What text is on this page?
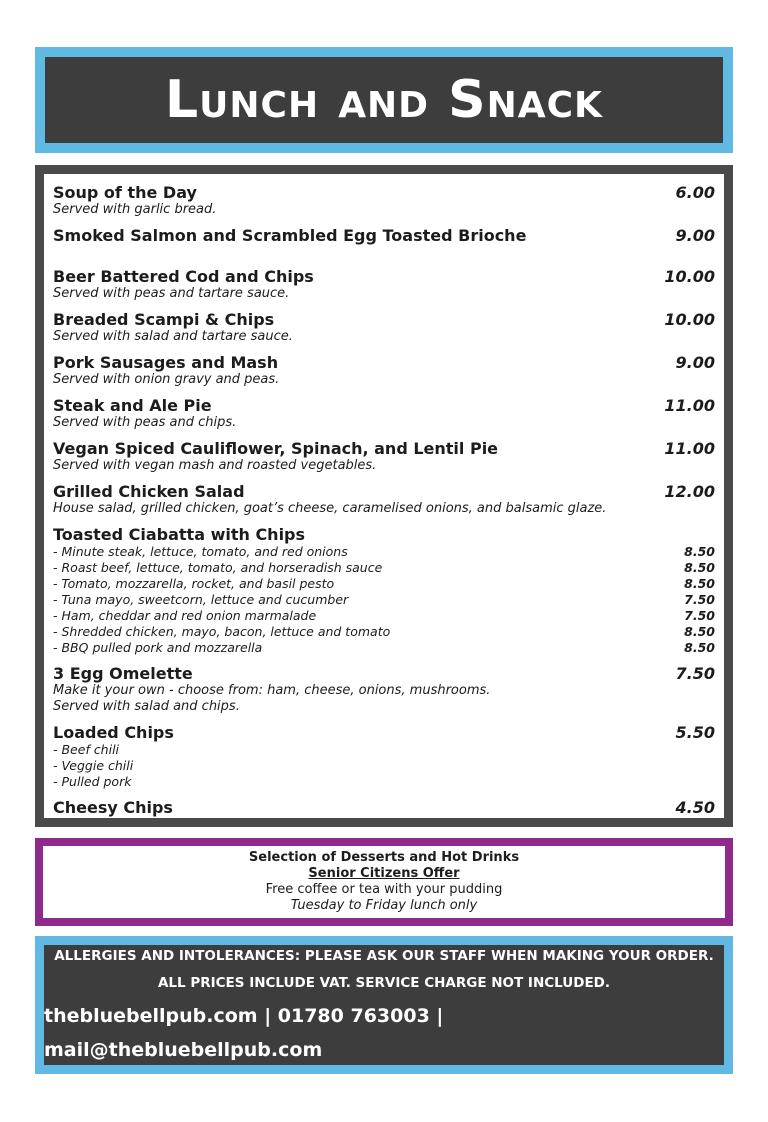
Lunch and Snack
Soup of the Day	6.00
Served with garlic bread.
Smoked Salmon and Scrambled Egg Toasted Brioche	9.00
Beer Battered Cod and Chips	10.00
Served with peas and tartare sauce.
Breaded Scampi & Chips	10.00
Served with salad and tartare sauce.
Pork Sausages and Mash	9.00
Served with onion gravy and peas.
Steak and Ale Pie	11.00
Served with peas and chips.
Vegan Spiced Cauliflower, Spinach, and Lentil Pie	11.00
Served with vegan mash and roasted vegetables.
Grilled Chicken Salad	12.00
House salad, grilled chicken, goat’s cheese, caramelised onions, and balsamic glaze.
Toasted Ciabatta with Chips
- Minute steak, lettuce, tomato, and red onions	8.50
- Roast beef, lettuce, tomato, and horseradish sauce	8.50
- Tomato, mozzarella, rocket, and basil pesto	8.50
- Tuna mayo, sweetcorn, lettuce and cucumber	7.50
- Ham, cheddar and red onion marmalade	7.50
- Shredded chicken, mayo, bacon, lettuce and tomato	8.50
- BBQ pulled pork and mozzarella	8.50
3 Egg Omelette	7.50
Make it your own - choose from: ham, cheese, onions, mushrooms.
Served with salad and chips.
Loaded Chips	5.50
- Beef chili
- Veggie chili
- Pulled pork
Cheesy Chips	4.50
Selection of Desserts and Hot Drinks
Senior Citizens Offer
Free coffee or tea with your pudding
Tuesday to Friday lunch only
ALLERGIES AND INTOLERANCES: PLEASE ASK OUR STAFF WHEN MAKING YOUR ORDER.
ALL PRICES INCLUDE VAT. SERVICE CHARGE NOT INCLUDED.
thebluebellpub.com | 01780 763003 | mail@thebluebellpub.com
